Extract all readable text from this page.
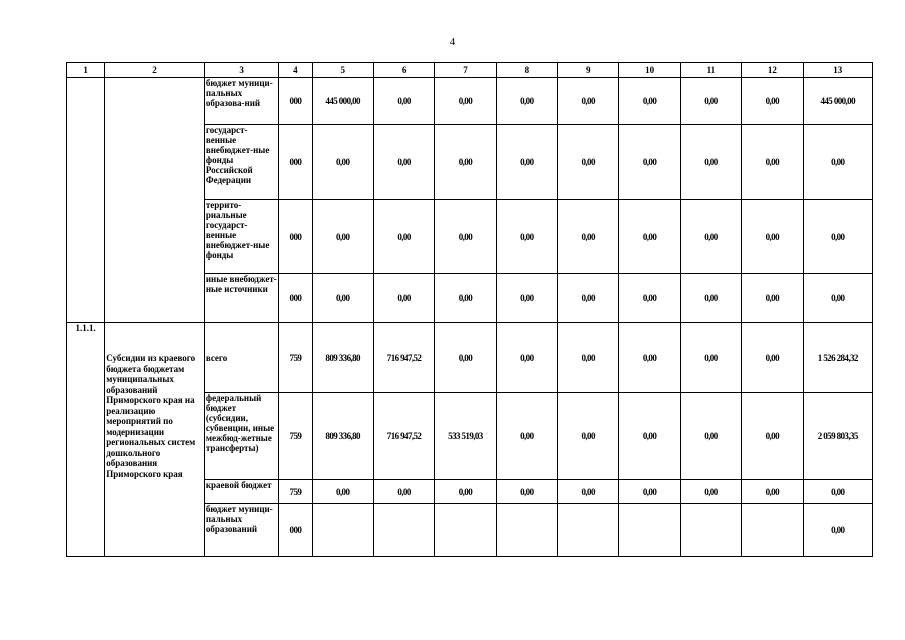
4
1	2	3	4	5	6	7	8	9	10	11	12	13
		бюджет муници-пальных образова-ний	000	445 000,00	0,00	0,00	0,00	0,00	0,00	0,00	0,00	445 000,00
		государст-венные внебюджет-ные фонды Российской Федерации	000	0,00	0,00	0,00	0,00	0,00	0,00	0,00	0,00	0,00
		террито-риальные государст-венные внебюджет-ные фонды	000	0,00	0,00	0,00	0,00	0,00	0,00	0,00	0,00	0,00
		иные внебюджет-ные источники	000	0,00	0,00	0,00	0,00	0,00	0,00	0,00	0,00	0,00
1.1.1.	Субсидии из краевого бюджета бюджетам муниципальных образований Приморского края на реализацию мероприятий по модернизации региональных систем дошкольного образования Приморского края	всего	759	809 336,80	716 947,52	0,00	0,00	0,00	0,00	0,00	0,00	1 526 284,32
		федеральный бюджет (субсидии, субвенции, иные межбюд-жетные трансферты)	759	809 336,80	716 947,52	533 519,03	0,00	0,00	0,00	0,00	0,00	2 059 803,35
		краевой бюджет	759	0,00	0,00	0,00	0,00	0,00	0,00	0,00	0,00	0,00
		бюджет муници-пальных образований	000									0,00
